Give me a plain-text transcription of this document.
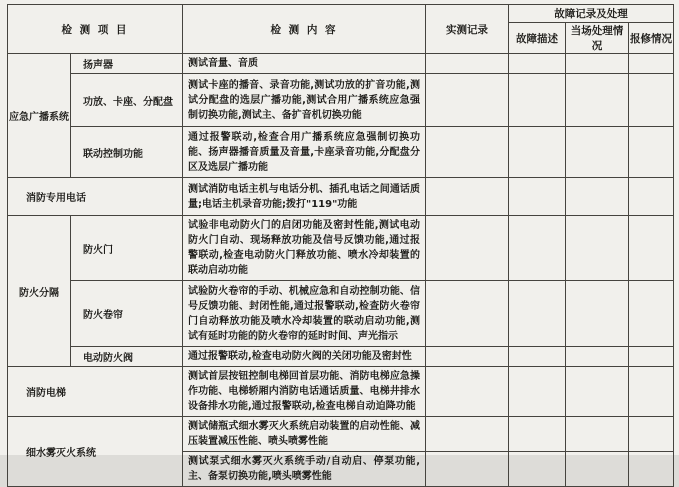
检 测 项 目		检 测 内 容	实测记录	故障记录及处理		
				故障描述	当场处理情况	报修情况
应急广播系统	扬声器	测试音量、音质				
	功放、卡座、分配盘	测试卡座的播音、录音功能,测试功放的扩音功能,测试分配盘的选层广播功能,测试合用广播系统应急强制切换功能,测试主、备扩音机切换功能				
	联动控制功能	通过报警联动,检查合用广播系统应急强制切换功能、扬声器播音质量及音量,卡座录音功能,分配盘分区及选层广播功能				
消防专用电话		测试消防电话主机与电话分机、插孔电话之间通话质量;电话主机录音功能;拨打"119"功能				
防火分隔	防火门	试验非电动防火门的启闭功能及密封性能,测试电动防火门自动、现场释放功能及信号反馈功能,通过报警联动,检查电动防火门释放功能、喷水冷却装置的联动启动功能				
	防火卷帘	试验防火卷帘的手动、机械应急和自动控制功能、信号反馈功能、封闭性能,通过报警联动,检查防火卷帘门自动释放功能及喷水冷却装置的联动启动功能,测试有延时功能的防火卷帘的延时时间、声光指示				
	电动防火阀	通过报警联动,检查电动防火阀的关闭功能及密封性				
消防电梯		测试首层按钮控制电梯回首层功能、消防电梯应急操作功能、电梯轿厢内消防电话通话质量、电梯井排水设备排水功能,通过报警联动,检查电梯自动迫降功能				
细水雾灭火系统		测试储瓶式细水雾灭火系统启动装置的启动性能、减压装置减压性能、喷头喷雾性能				
		测试泵式细水雾灭火系统手动/自动启、停泵功能,主、备泵切换功能,喷头喷雾性能				
